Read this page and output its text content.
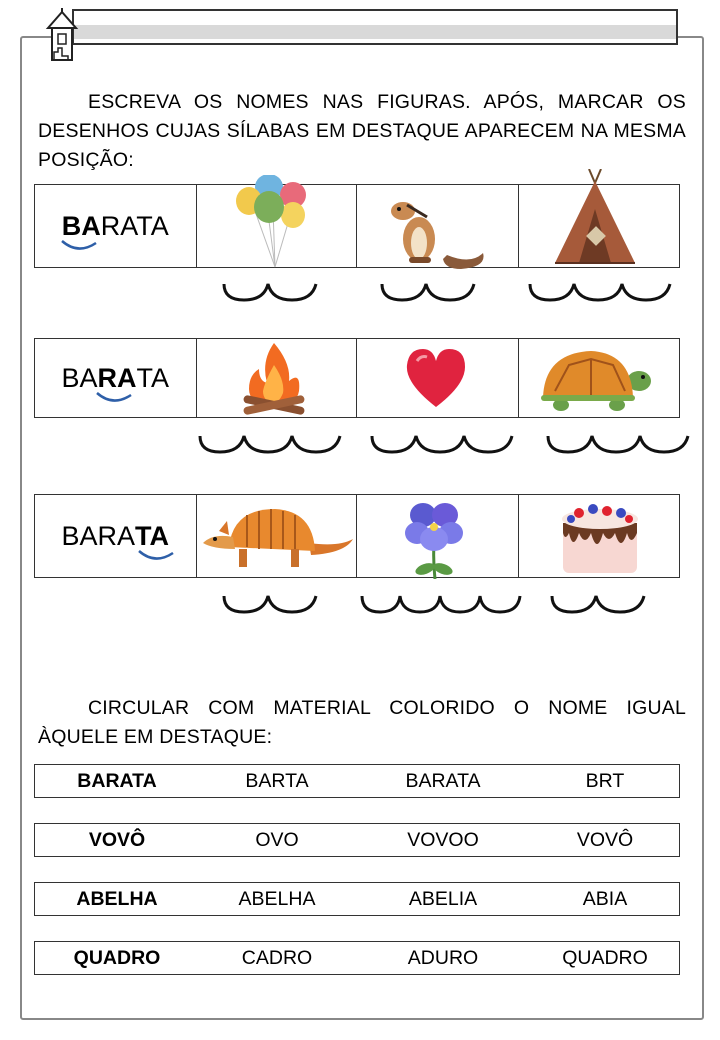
ESCREVA OS NOMES NAS FIGURAS. APÓS, MARCAR OS DESENHOS CUJAS SÍLABAS EM DESTAQUE APARECEM NA MESMA POSIÇÃO:
BARATA
BARATA
BARATA
CIRCULAR COM MATERIAL COLORIDO O NOME IGUAL ÀQUELE EM DESTAQUE:
BARATA	BARTA	BARATA	BRT
VOVÔ	OVO	VOVOO	VOVÔ
ABELHA	ABELHA	ABELIA	ABIA
QUADRO	CADRO	ADURO	QUADRO
